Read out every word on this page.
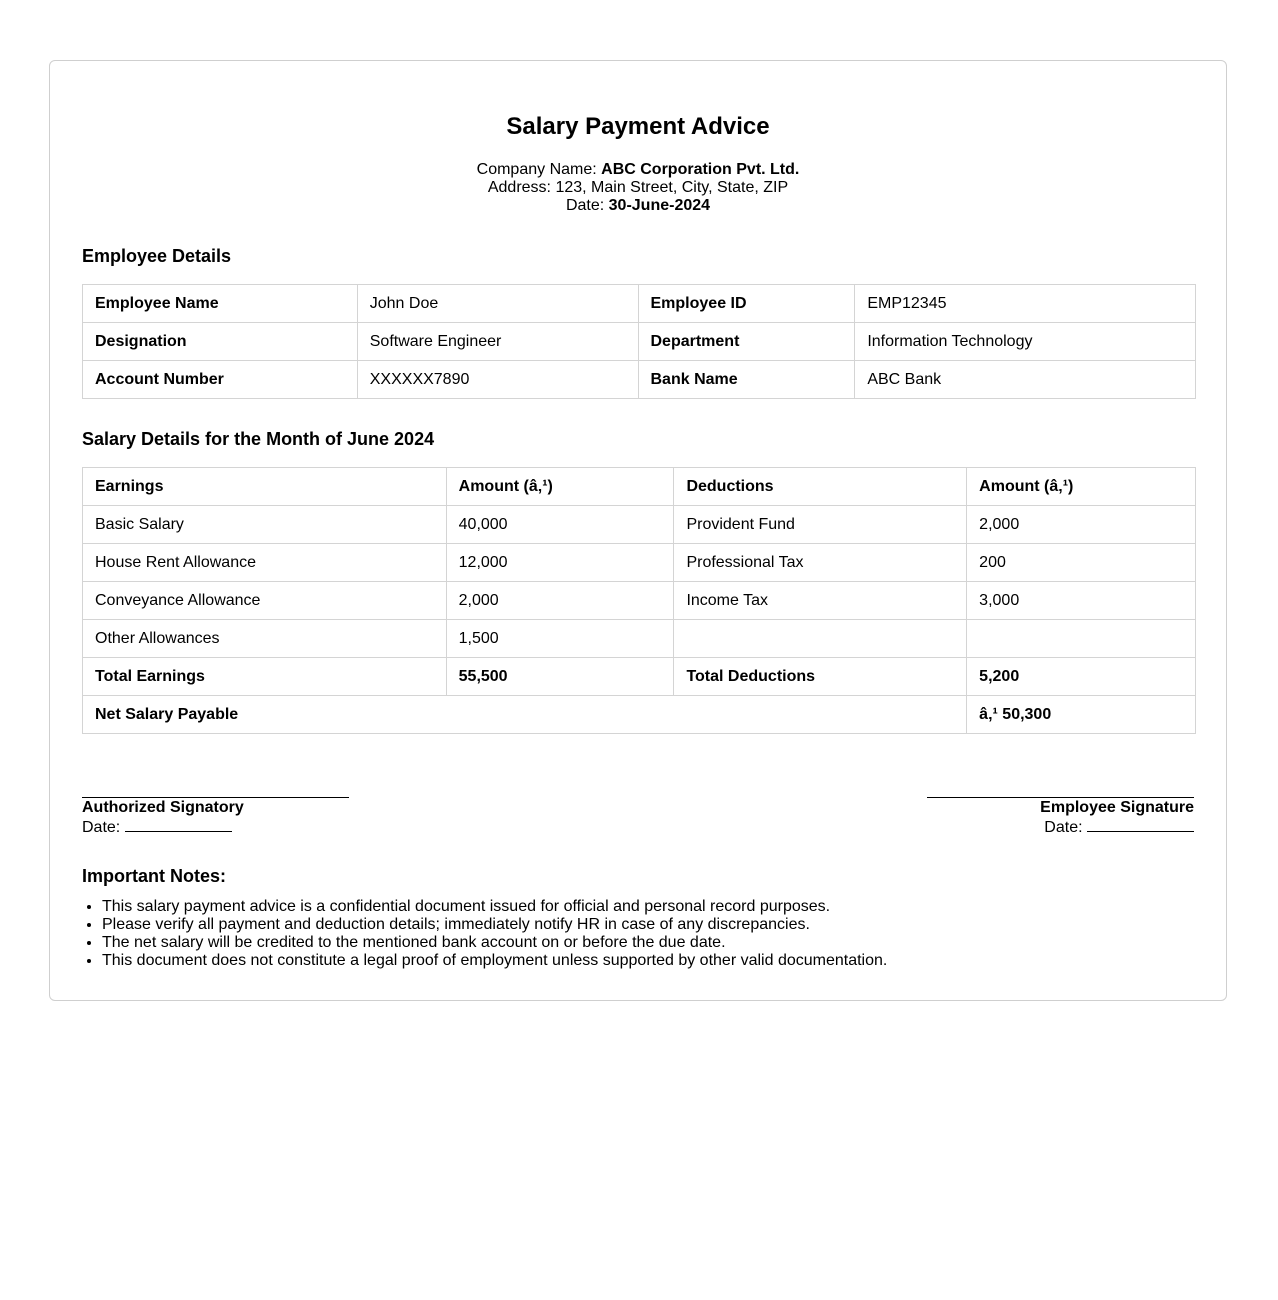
Salary Payment Advice
Company Name: ABC Corporation Pvt. Ltd.
Address: 123, Main Street, City, State, ZIP
Date: 30-June-2024
Employee Details
Employee Name	John Doe	Employee ID	EMP12345
Designation	Software Engineer	Department	Information Technology
Account Number	XXXXXX7890	Bank Name	ABC Bank
Salary Details for the Month of June 2024
Earnings	Amount (â‚¹)	Deductions	Amount (â‚¹)
Basic Salary	40,000	Provident Fund	2,000
House Rent Allowance	12,000	Professional Tax	200
Conveyance Allowance	2,000	Income Tax	3,000
Other Allowances	1,500		
Total Earnings	55,500	Total Deductions	5,200
Net Salary Payable			â‚¹ 50,300
Authorized Signatory
Date:
Employee Signature
Date:
Important Notes:
• This salary payment advice is a confidential document issued for official and personal record purposes.
• Please verify all payment and deduction details; immediately notify HR in case of any discrepancies.
• The net salary will be credited to the mentioned bank account on or before the due date.
• This document does not constitute a legal proof of employment unless supported by other valid documentation.
